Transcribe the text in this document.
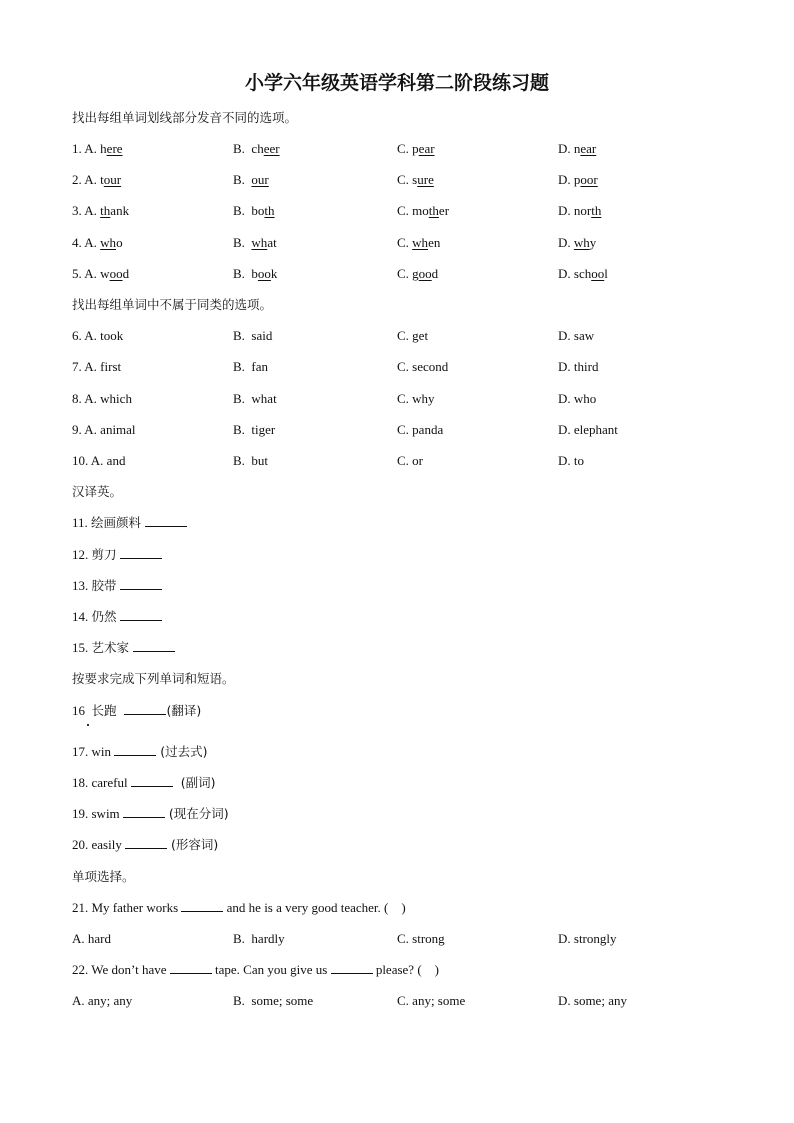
小学六年级英语学科第二阶段练习题
1. A. here	B.  cheer	C. pear	D. near
2. A. tour	B.  our	C. sure	D. poor
3. A. thank	B.  both	C. mother	D. north
4. A. who	B.  what	C. when	D. why
5. A. wood	B.  book	C. good	D. school
找出每组单词划线部分发音不同的选项。
找出每组单词中不属于同类的选项。
6. A. took	B.  said	C. get	D. saw
7. A. first	B.  fan	C. second	D. third
8. A. which	B.  what	C. why	D. who
9. A. animal	B.  tiger	C. panda	D. elephant
10. A. and	B.  but	C. or	D. to
汉译英。
11. 绘画颜料
12. 剪刀
13. 胶带
14. 仍然
15. 艺术家
按要求完成下列单词和短语。
16  长跑	(翻译)
17. win	(过去式)
18. careful	(副词)
19. swim	(现在分词)
20. easily	(形容词)
单项选择。
21. My father works	and he is a very good teacher. (    )
A. hard	B.  hardly	C. strong	D. strongly
22. We don’t have	tape. Can you give us	please? (    )
A. any; any	B.  some; some	C. any; some	D. some; any
